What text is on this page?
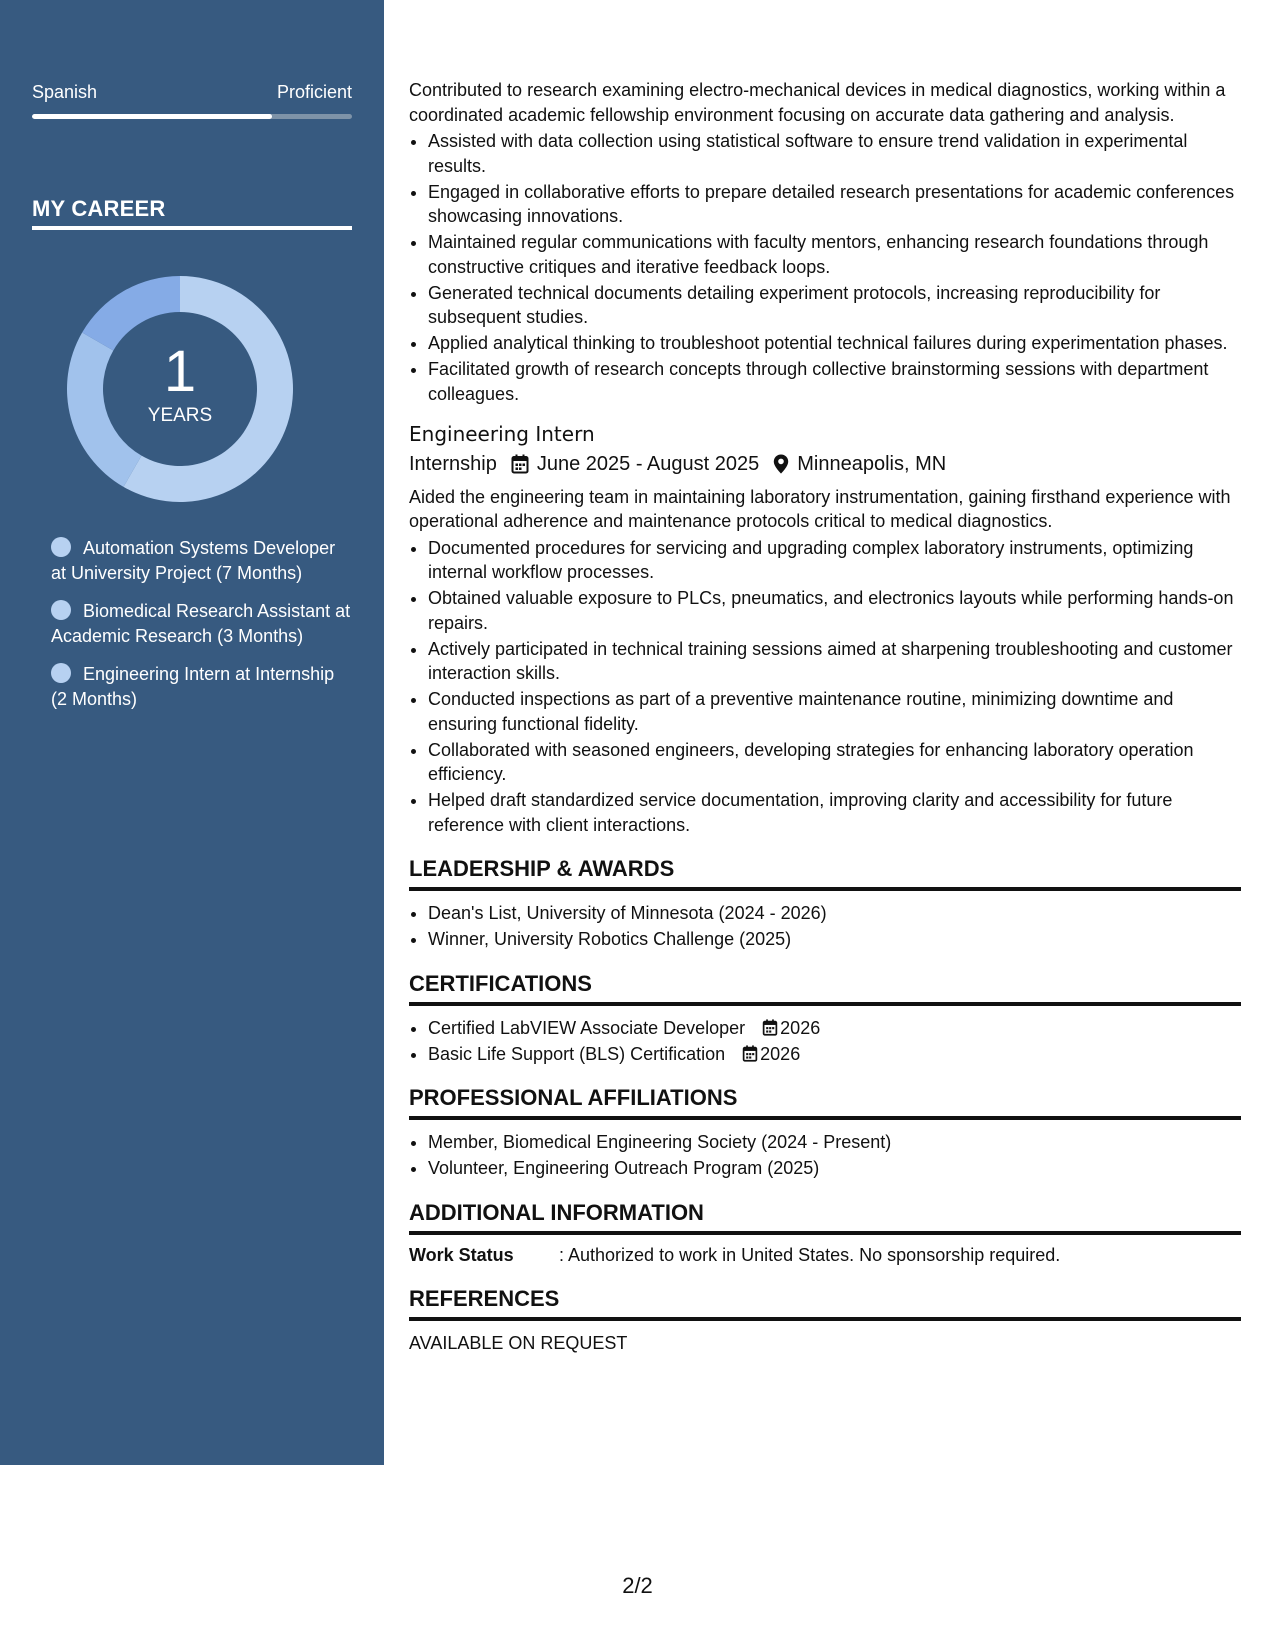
Spanish	Proficient
MY CAREER
1
YEARS
Automation Systems Developer at University Project (7 Months)
Biomedical Research Assistant at Academic Research (3 Months)
Engineering Intern at Internship (2 Months)

Contributed to research examining electro-mechanical devices in medical diagnostics, working within a coordinated academic fellowship environment focusing on accurate data gathering and analysis.

• Assisted with data collection using statistical software to ensure trend validation in experimental results.
• Engaged in collaborative efforts to prepare detailed research presentations for academic conferences showcasing innovations.
• Maintained regular communications with faculty mentors, enhancing research foundations through constructive critiques and iterative feedback loops.
• Generated technical documents detailing experiment protocols, increasing reproducibility for subsequent studies.
• Applied analytical thinking to troubleshoot potential technical failures during experimentation phases.
• Facilitated growth of research concepts through collective brainstorming sessions with department colleagues.
Engineering Intern
Internship June 2025 - August 2025 Minneapolis, MN

Aided the engineering team in maintaining laboratory instrumentation, gaining firsthand experience with operational adherence and maintenance protocols critical to medical diagnostics.

• Documented procedures for servicing and upgrading complex laboratory instruments, optimizing internal workflow processes.
• Obtained valuable exposure to PLCs, pneumatics, and electronics layouts while performing hands-on repairs.
• Actively participated in technical training sessions aimed at sharpening troubleshooting and customer interaction skills.
• Conducted inspections as part of a preventive maintenance routine, minimizing downtime and ensuring functional fidelity.
• Collaborated with seasoned engineers, developing strategies for enhancing laboratory operation efficiency.
• Helped draft standardized service documentation, improving clarity and accessibility for future reference with client interactions.
LEADERSHIP & AWARDS
• Dean's List, University of Minnesota (2024 - 2026)
• Winner, University Robotics Challenge (2025)
CERTIFICATIONS
• Certified LabVIEW Associate Developer 2026
• Basic Life Support (BLS) Certification 2026
PROFESSIONAL AFFILIATIONS
• Member, Biomedical Engineering Society (2024 - Present)
• Volunteer, Engineering Outreach Program (2025)
ADDITIONAL INFORMATION
Work Status	: Authorized to work in United States. No sponsorship required.
REFERENCES
AVAILABLE ON REQUEST
2/2
